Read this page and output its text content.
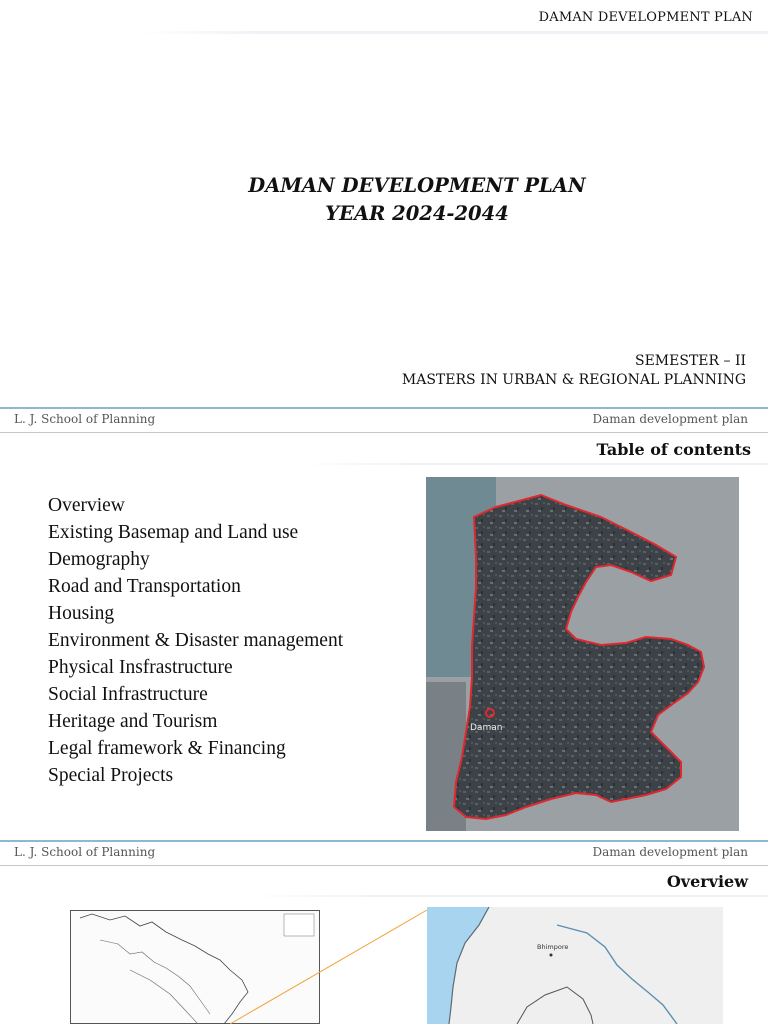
DAMAN DEVELOPMENT PLAN
DAMAN DEVELOPMENT PLAN
YEAR 2024-2044
SEMESTER – II
MASTERS IN URBAN & REGIONAL PLANNING
L. J. School of Planning	Daman development plan
Table of contents
Overview
Existing Basemap and Land use
Demography
Road and Transportation
Housing
Environment & Disaster management
Physical Insfrastructure
Social Infrastructure
Heritage and Tourism
Legal framework & Financing
Special Projects
Daman
L. J. School of Planning	Daman development plan
Overview
Bhimpore
